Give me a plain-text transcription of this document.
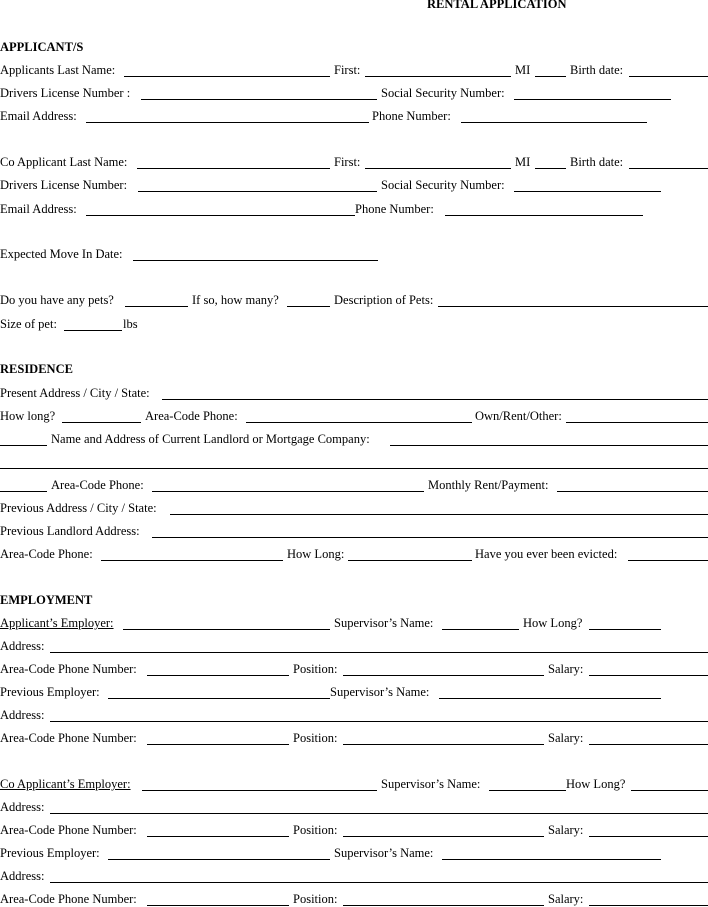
RENTAL APPLICATION
APPLICANT/S
Applicants Last Name:	First:	MI	Birth date:
Drivers License Number :	Social Security Number:
Email Address:	Phone Number:
Co Applicant Last Name:	First:	MI	Birth date:
Drivers License Number:	Social Security Number:
Email Address:	Phone Number:
Expected Move In Date:
Do you have any pets?	If so, how many?	Description of Pets:
Size of pet:	lbs
RESIDENCE
Present Address / City / State:
How long?	Area-Code Phone:	Own/Rent/Other:
Name and Address of Current Landlord or Mortgage Company:
Area-Code Phone:	Monthly Rent/Payment:
Previous Address / City / State:
Previous Landlord Address:
Area-Code Phone:	How Long:	Have you ever been evicted:
EMPLOYMENT
Applicant’s Employer:	Supervisor’s Name:	How Long?
Address:
Area-Code Phone Number:	Position:	Salary:
Previous Employer:	Supervisor’s Name:
Address:
Area-Code Phone Number:	Position:	Salary:
Co Applicant’s Employer:	Supervisor’s Name:	How Long?
Address:
Area-Code Phone Number:	Position:	Salary:
Previous Employer:	Supervisor’s Name:
Address:
Area-Code Phone Number:	Position:	Salary:
